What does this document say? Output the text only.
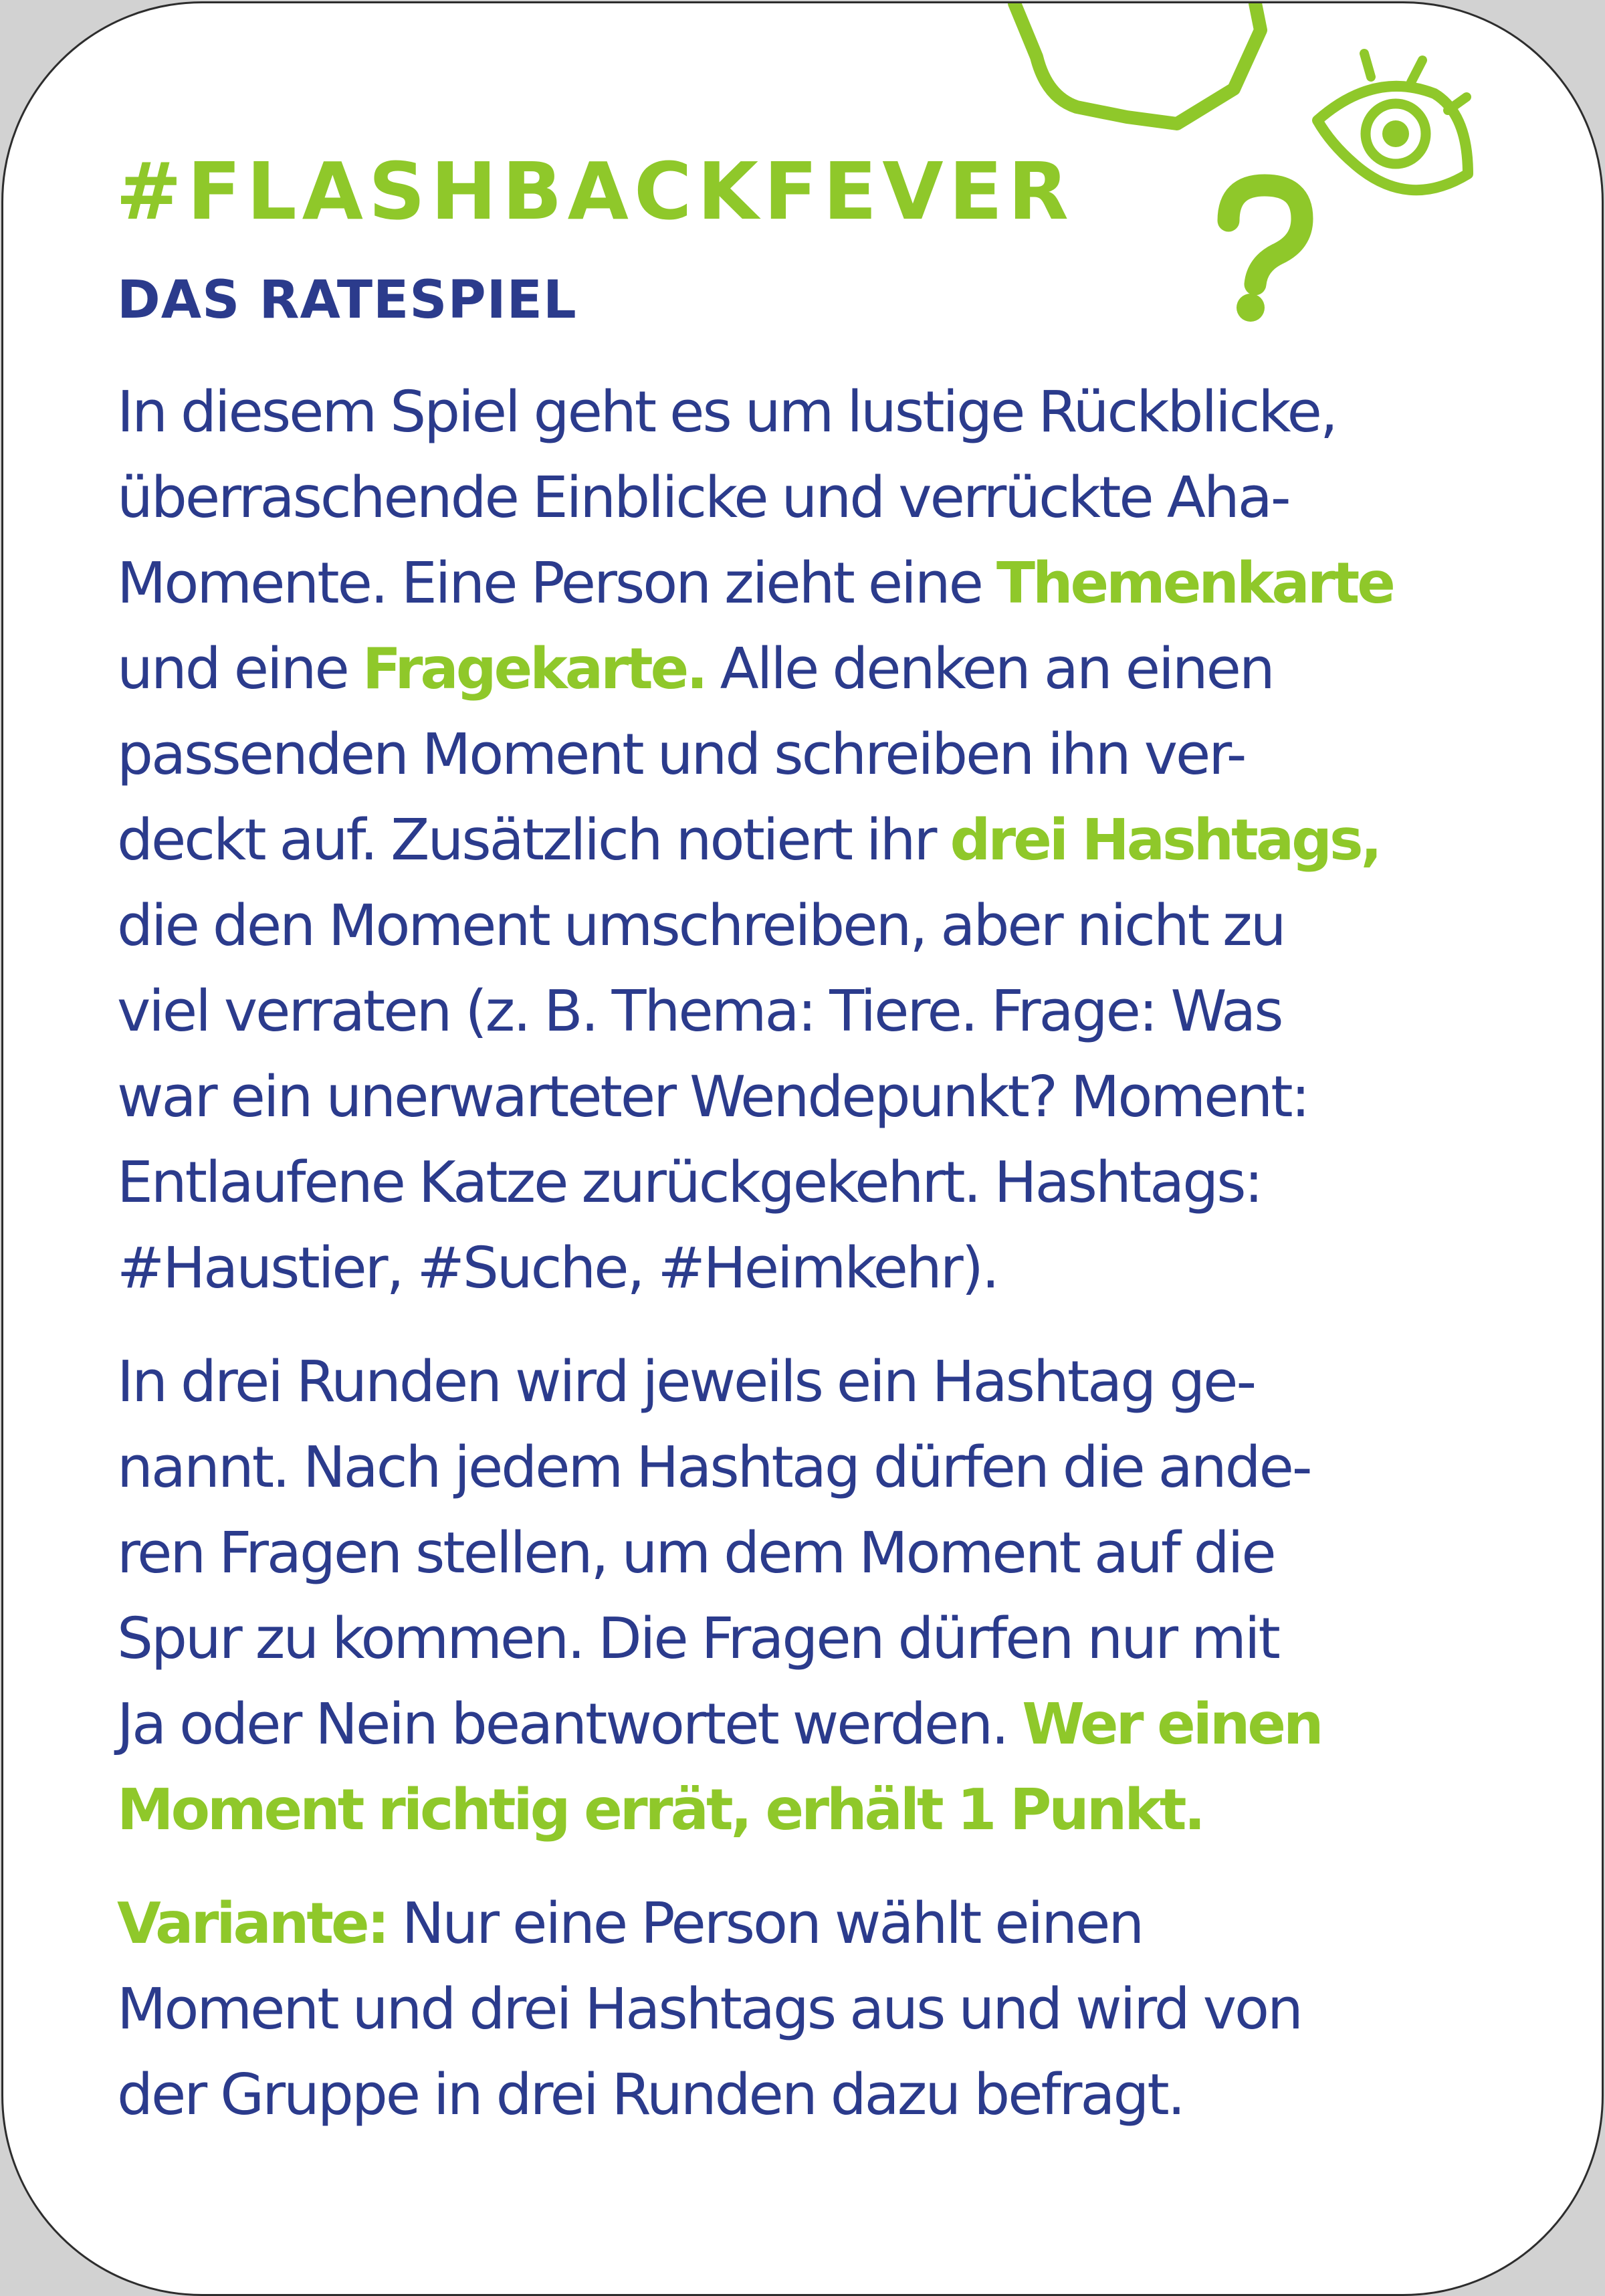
#FLASHBACKFEVER
DAS RATESPIEL
In diesem Spiel geht es um lustige Rückblicke,
überraschende Einblicke und verrückte Aha-
Momente. Eine Person zieht eine Themenkarte
und eine Fragekarte. Alle denken an einen
passenden Moment und schreiben ihn ver-
deckt auf. Zusätzlich notiert ihr drei Hashtags,
die den Moment umschreiben, aber nicht zu
viel verraten (z. B. Thema: Tiere. Frage: Was
war ein unerwarteter Wendepunkt? Moment:
Entlaufene Katze zurückgekehrt. Hashtags:
#Haustier, #Suche, #Heimkehr).
In drei Runden wird jeweils ein Hashtag ge-
nannt. Nach jedem Hashtag dürfen die ande-
ren Fragen stellen, um dem Moment auf die
Spur zu kommen. Die Fragen dürfen nur mit
Ja oder Nein beantwortet werden. Wer einen
Moment richtig errät, erhält 1 Punkt.
Variante: Nur eine Person wählt einen
Moment und drei Hashtags aus und wird von
der Gruppe in drei Runden dazu befragt.
